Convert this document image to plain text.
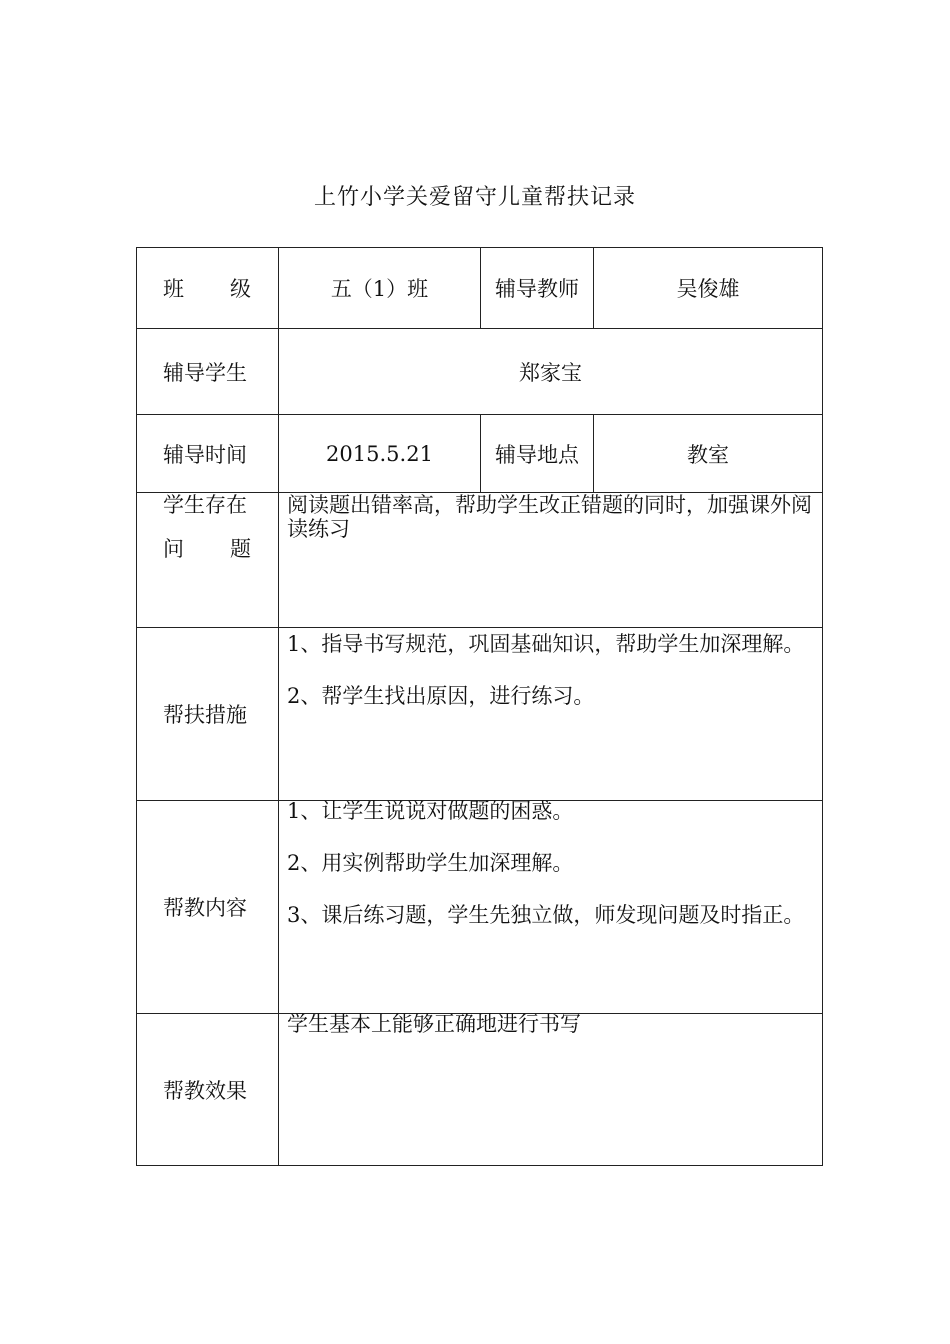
上竹小学关爱留守儿童帮扶记录
班 级	五（1）班	辅导教师	吴俊雄
辅导学生	郑家宝		
辅导时间	2015.5.21	辅导地点	教室

学生存在
问 题	阅读题出错率高，帮助学生改正错题的同时，加强课外阅读练习		
帮扶措施	1、指导书写规范，巩固基础知识，帮助学生加深理解。

2、帮学生找出原因，进行练习。		

帮教内容	1、让学生说说对做题的困惑。

2、用实例帮助学生加深理解。

3、课后练习题，学生先独立做，师发现问题及时指正。		

帮教效果	学生基本上能够正确地进行书写		
